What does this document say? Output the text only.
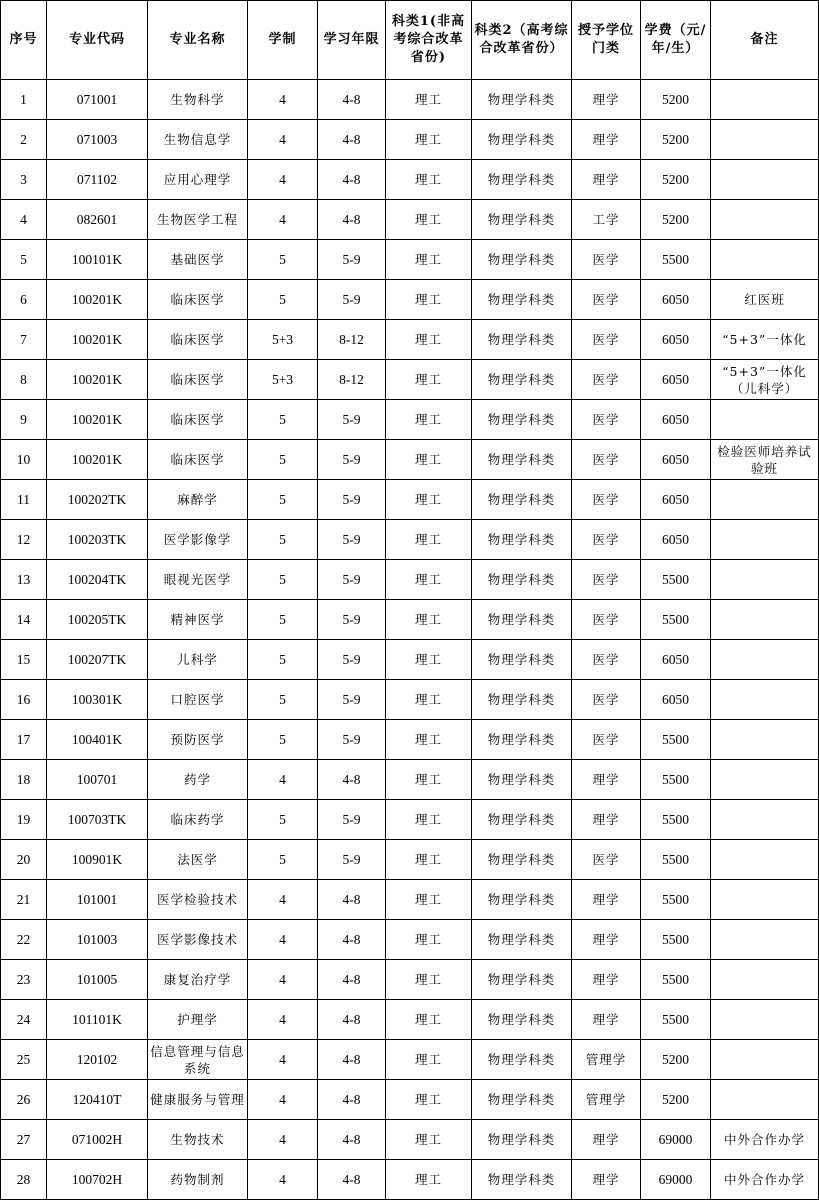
序号	专业代码	专业名称	学制	学习年限	科类1(非高考综合改革省份)	科类2（高考综合改革省份）	授予学位门类	学费（元/年/生）	备注
1	071001	生物科学	4	4-8	理工	物理学科类	理学	5200	
2	071003	生物信息学	4	4-8	理工	物理学科类	理学	5200	
3	071102	应用心理学	4	4-8	理工	物理学科类	理学	5200	
4	082601	生物医学工程	4	4-8	理工	物理学科类	工学	5200	
5	100101K	基础医学	5	5-9	理工	物理学科类	医学	5500	
6	100201K	临床医学	5	5-9	理工	物理学科类	医学	6050	红医班
7	100201K	临床医学	5+3	8-12	理工	物理学科类	医学	6050	“5+3”一体化
8	100201K	临床医学	5+3	8-12	理工	物理学科类	医学	6050	“5+3”一体化（儿科学）
9	100201K	临床医学	5	5-9	理工	物理学科类	医学	6050	
10	100201K	临床医学	5	5-9	理工	物理学科类	医学	6050	检验医师培养试验班
11	100202TK	麻醉学	5	5-9	理工	物理学科类	医学	6050	
12	100203TK	医学影像学	5	5-9	理工	物理学科类	医学	6050	
13	100204TK	眼视光医学	5	5-9	理工	物理学科类	医学	5500	
14	100205TK	精神医学	5	5-9	理工	物理学科类	医学	5500	
15	100207TK	儿科学	5	5-9	理工	物理学科类	医学	6050	
16	100301K	口腔医学	5	5-9	理工	物理学科类	医学	6050	
17	100401K	预防医学	5	5-9	理工	物理学科类	医学	5500	
18	100701	药学	4	4-8	理工	物理学科类	理学	5500	
19	100703TK	临床药学	5	5-9	理工	物理学科类	理学	5500	
20	100901K	法医学	5	5-9	理工	物理学科类	医学	5500	
21	101001	医学检验技术	4	4-8	理工	物理学科类	理学	5500	
22	101003	医学影像技术	4	4-8	理工	物理学科类	理学	5500	
23	101005	康复治疗学	4	4-8	理工	物理学科类	理学	5500	
24	101101K	护理学	4	4-8	理工	物理学科类	理学	5500	
25	120102	信息管理与信息系统	4	4-8	理工	物理学科类	管理学	5200	
26	120410T	健康服务与管理	4	4-8	理工	物理学科类	管理学	5200	
27	071002H	生物技术	4	4-8	理工	物理学科类	理学	69000	中外合作办学
28	100702H	药物制剂	4	4-8	理工	物理学科类	理学	69000	中外合作办学
